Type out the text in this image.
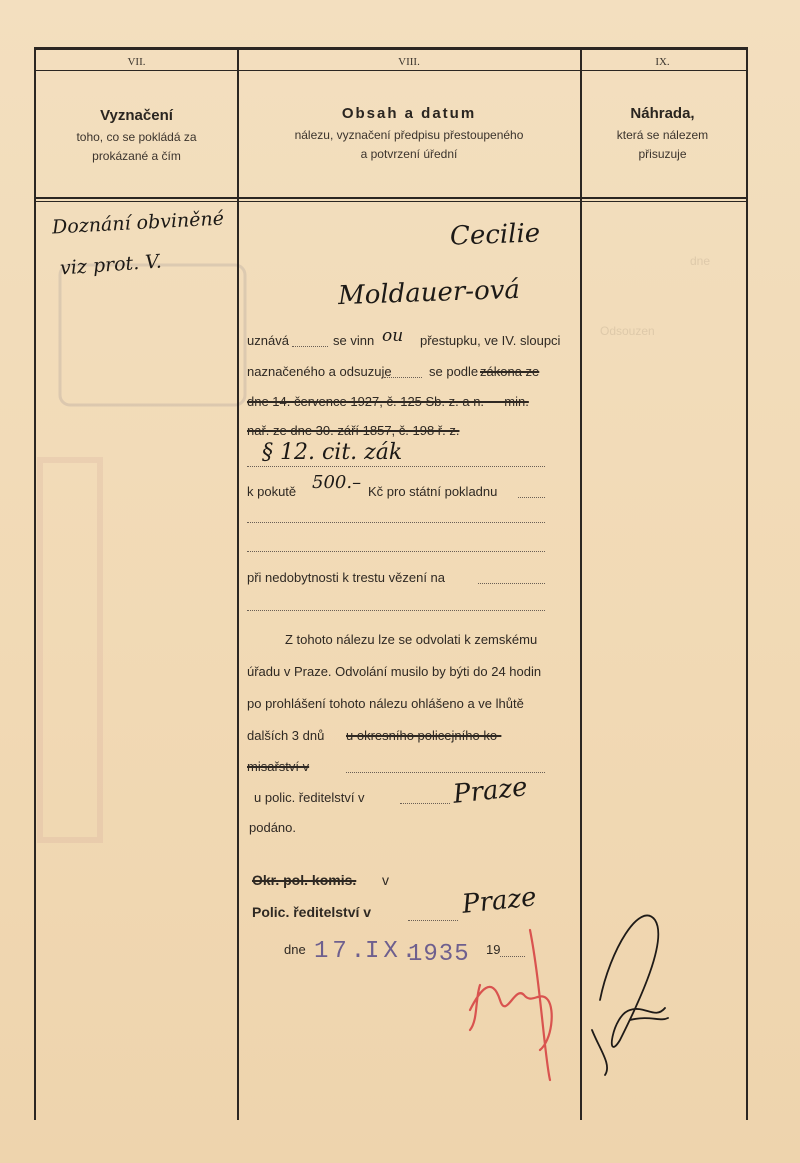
Odsouzen
dne
VII.
Vyznačení
toho, co se pokládá za
prokázané a čím
VIII.
Obsah a datum
nálezu, vyznačení předpisu přestoupeného
a potvrzení úřední
IX.
Náhrada,
která se nálezem
přisuzuje
Doznání obviněné
viz prot. V.
Cecilie
Moldauer-ová
uznává	se vinn ou přestupku, ve IV. sloupci
naznačeného a odsuzuje	se podle zákona ze
dne 14. července 1927, č. 125 Sb. z. a n. — min.
nař. ze dne 30. září 1857, č. 198 ř. z.
§ 12. cit. zák
k pokutě 500.– Kč pro státní pokladnu
při nedobytnosti k trestu vězení na
Z tohoto nálezu lze se odvolati k zemskému
úřadu v Praze. Odvolání musilo by býti do 24 hodin
po prohlášení tohoto nálezu ohlášeno a ve lhůtě
dalších 3 dnů u okresního policejního ko-
misařství v
u polic. ředitelství v	Praze
podáno.
Okr. pol. komis. v
Polic. ředitelství v	Praze
dne 17.
IX.
1935 19
